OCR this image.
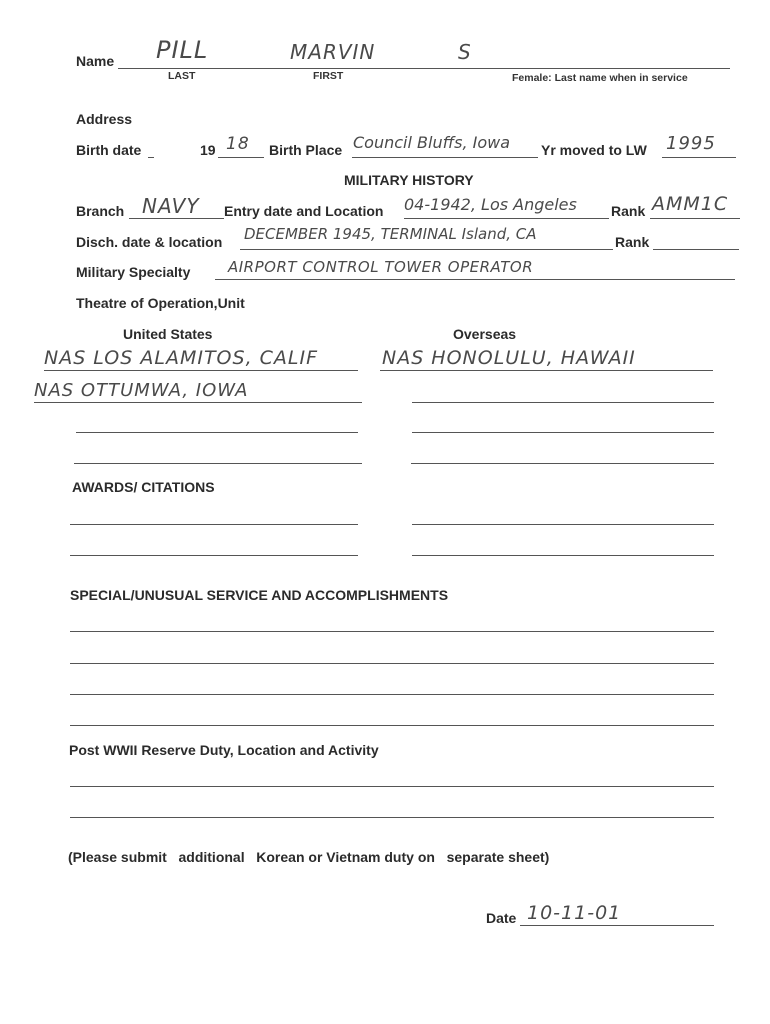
Name PILL	MARVIN	S
LAST	FIRST	Female: Last name when in service
Address
Birth date	19 18 Birth Place Council Bluffs, Iowa Yr moved to LW 1995
MILITARY HISTORY
Branch NAVY Entry date and Location 04-1942, Los Angeles Rank AMM1C
Disch. date & location DECEMBER 1945, TERMINAL Island, CA	Rank
Military Specialty	AIRPORT CONTROL TOWER OPERATOR
Theatre of Operation,Unit
United States	Overseas
NAS LOS ALAMITOS, CALIF	NAS HONOLULU, HAWAII
NAS OTTUMWA, IOWA
AWARDS/ CITATIONS
SPECIAL/UNUSUAL SERVICE AND ACCOMPLISHMENTS
Post WWII Reserve Duty, Location and Activity
(Please submit   additional   Korean or Vietnam duty on   separate sheet)
Date 10-11-01
